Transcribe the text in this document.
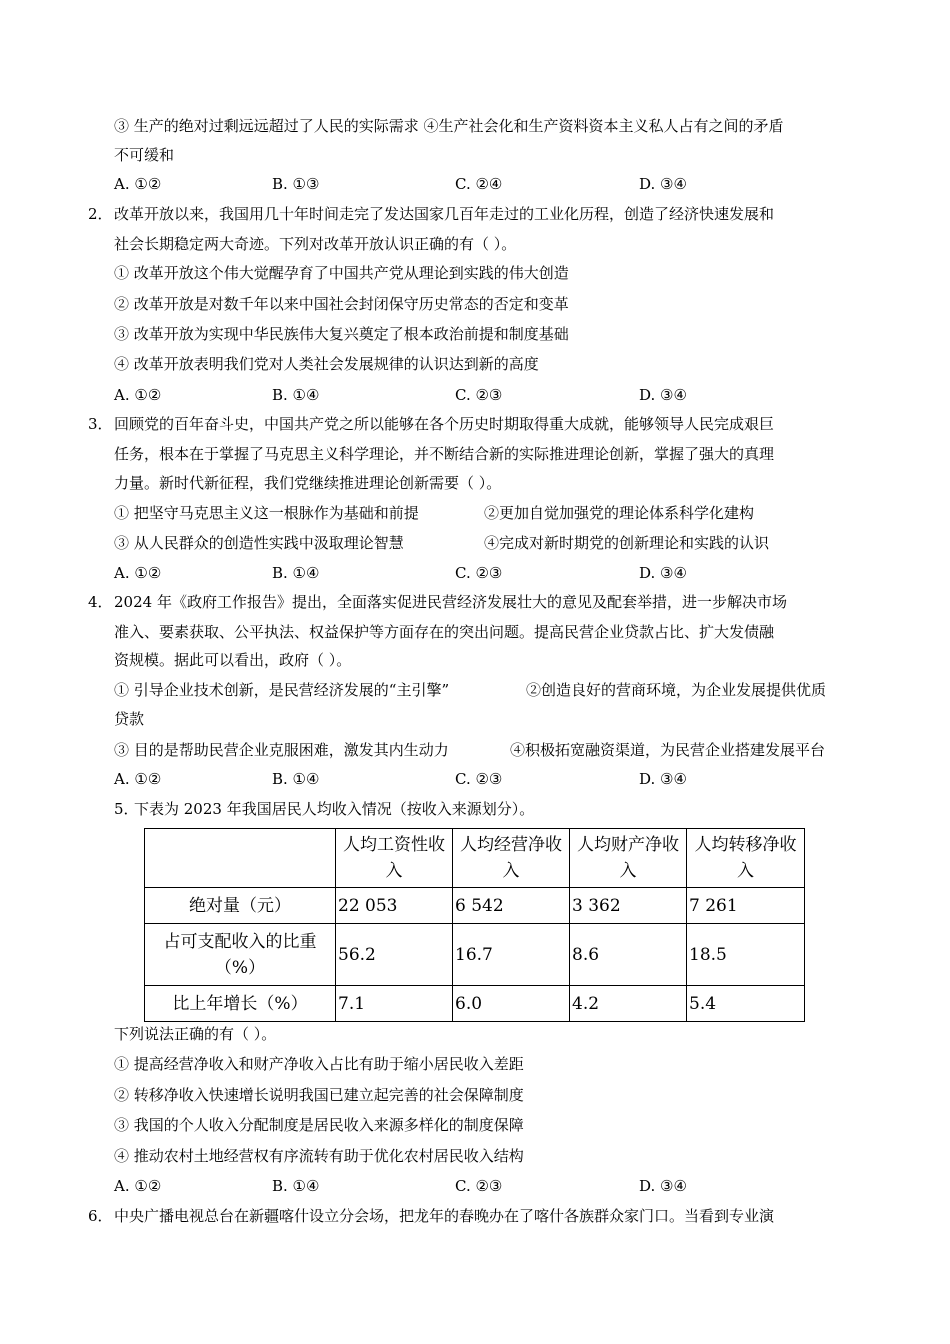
③ 生产的绝对过剩远远超过了人民的实际需求 ④生产社会化和生产资料资本主义私人占有之间的矛盾
不可缓和
A. ①②	B. ①③	C. ②④	D. ③④
2． 改革开放以来，我国用几十年时间走完了发达国家几百年走过的工业化历程，创造了经济快速发展和
社会长期稳定两大奇迹。下列对改革开放认识正确的有（ ）。
① 改革开放这个伟大觉醒孕育了中国共产党从理论到实践的伟大创造
② 改革开放是对数千年以来中国社会封闭保守历史常态的否定和变革
③ 改革开放为实现中华民族伟大复兴奠定了根本政治前提和制度基础
④ 改革开放表明我们党对人类社会发展规律的认识达到新的高度
A. ①②	B. ①④	C. ②③	D. ③④
3． 回顾党的百年奋斗史，中国共产党之所以能够在各个历史时期取得重大成就，能够领导人民完成艰巨
任务，根本在于掌握了马克思主义科学理论，并不断结合新的实际推进理论创新，掌握了强大的真理
力量。新时代新征程，我们党继续推进理论创新需要（ ）。
① 把坚守马克思主义这一根脉作为基础和前提	②更加自觉加强党的理论体系科学化建构
③ 从人民群众的创造性实践中汲取理论智慧	④完成对新时期党的创新理论和实践的认识
A. ①②	B. ①④	C. ②③	D. ③④
4． 2024 年《政府工作报告》提出，全面落实促进民营经济发展壮大的意见及配套举措，进一步解决市场
准入、要素获取、公平执法、权益保护等方面存在的突出问题。提高民营企业贷款占比、扩大发债融
资规模。据此可以看出，政府（ ）。
① 引导企业技术创新，是民营经济发展的“主引擎”	②创造良好的营商环境，为企业发展提供优质
贷款
③ 目的是帮助民营企业克服困难，激发其内生动力	④积极拓宽融资渠道，为民营企业搭建发展平台
A. ①②	B. ①④	C. ②③	D. ③④
5．
下表为 2023 年我国居民人均收入情况（按收入来源划分）。
	人均工资性收入	人均经营净收入	人均财产净收入	人均转移净收入
绝对量（元）	22 053	6 542	3 362	7 261
占可支配收入的比重（%）	56.2	16.7	8.6	18.5
比上年增长（%）	7.1	6.0	4.2	5.4
下列说法正确的有（ ）。
① 提高经营净收入和财产净收入占比有助于缩小居民收入差距
② 转移净收入快速增长说明我国已建立起完善的社会保障制度
③ 我国的个人收入分配制度是居民收入来源多样化的制度保障
④ 推动农村土地经营权有序流转有助于优化农村居民收入结构
A. ①②	B. ①④	C. ②③	D. ③④
6． 中央广播电视总台在新疆喀什设立分会场，把龙年的春晚办在了喀什各族群众家门口。当看到专业演
